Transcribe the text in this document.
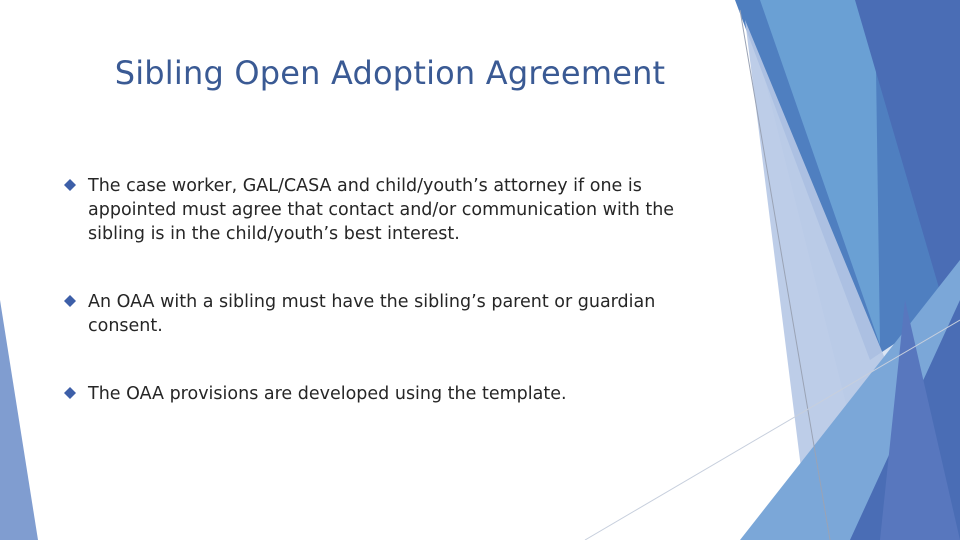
Sibling Open Adoption Agreement
The case worker, GAL/CASA and child/youth’s attorney if one is appointed must agree that contact and/or communication with the sibling is in the child/youth’s best interest.
An OAA with a sibling must have the sibling’s parent or guardian consent.
The OAA provisions are developed using the template.
